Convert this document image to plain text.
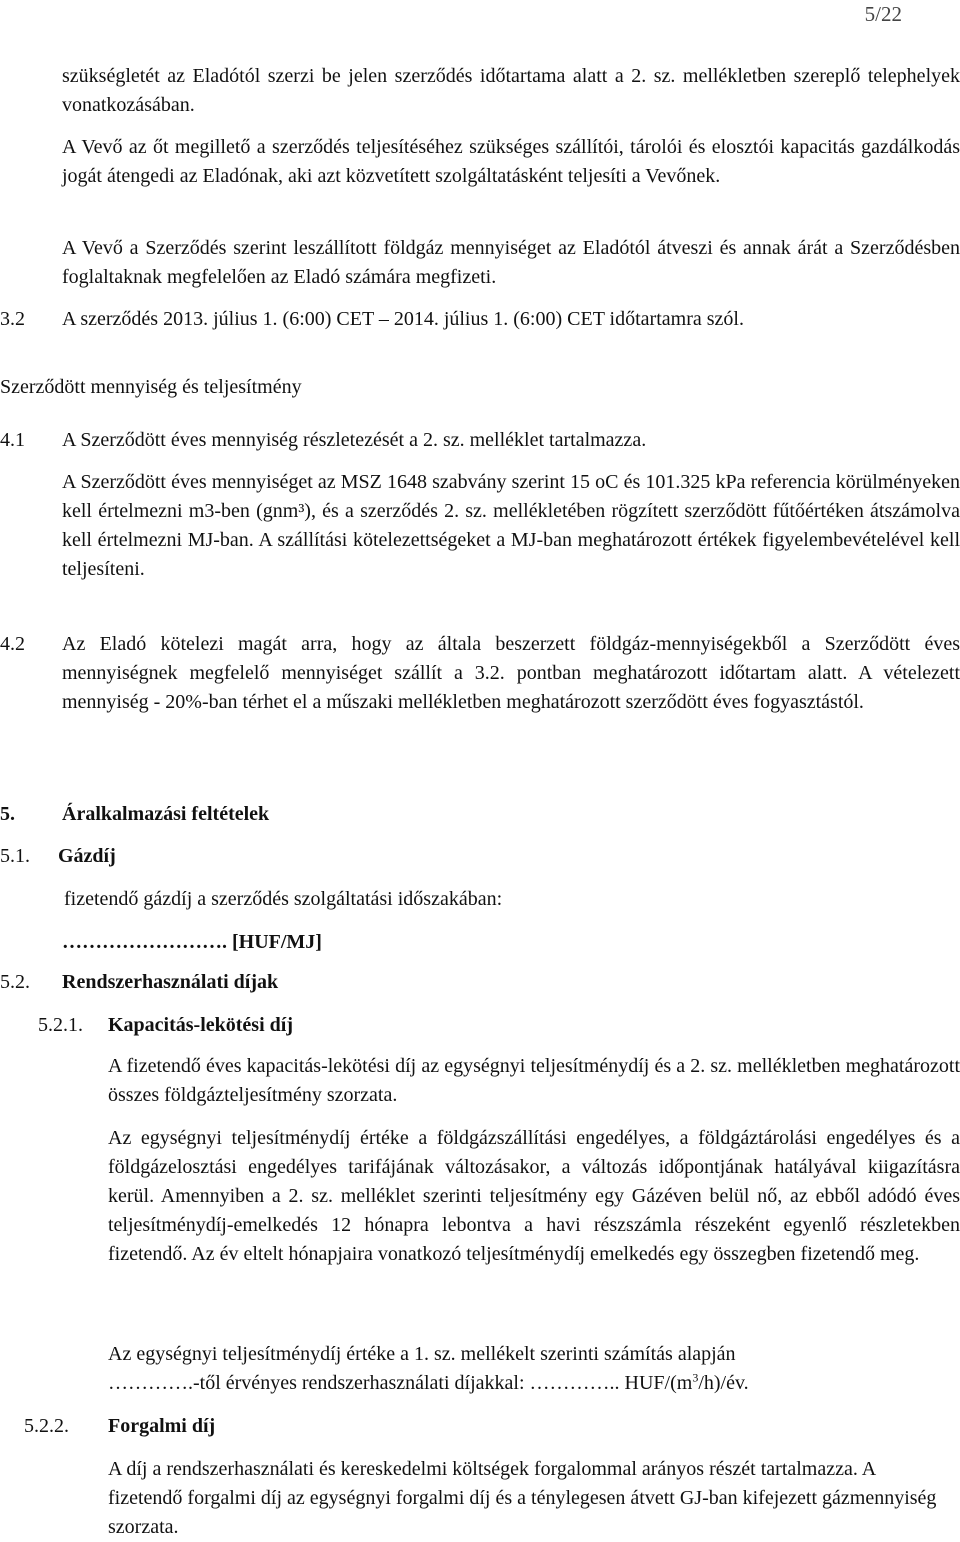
5/22

szükségletét az Eladótól szerzi be jelen szerződés időtartama alatt a 2. sz. mellékletben szereplő telephelyek vonatkozásában.

A Vevő az őt megillető a szerződés teljesítéséhez szükséges szállítói, tárolói és elosztói kapacitás gazdálkodás jogát átengedi az Eladónak, aki azt közvetített szolgáltatásként teljesíti a Vevőnek.

A Vevő a Szerződés szerint leszállított földgáz mennyiséget az Eladótól átveszi és annak árát a Szerződésben foglaltaknak megfelelően az Eladó számára megfizeti.

3.2 A szerződés 2013. július 1. (6:00) CET – 2014. július 1. (6:00) CET időtartamra szól.
Szerződött mennyiség és teljesítmény
4.1 A Szerződött éves mennyiség részletezését a 2. sz. melléklet tartalmazza.

A Szerződött éves mennyiséget az MSZ 1648 szabvány szerint 15 oC és 101.325 kPa referencia körülményeken kell értelmezni m3-ben (gnm³), és a szerződés 2. sz. mellékletében rögzített szerződött fűtőértéken átszámolva kell értelmezni MJ-ban. A szállítási kötelezettségeket a MJ-ban meghatározott értékek figyelembevételével kell teljesíteni.

4.2 Az Eladó kötelezi magát arra, hogy az általa beszerzett földgáz-mennyiségekből a Szerződött éves mennyiségnek megfelelő mennyiséget szállít a 3.2. pontban meghatározott időtartam alatt. A vételezett mennyiség - 20%-ban térhet el a műszaki mellékletben meghatározott szerződött éves fogyasztástól.

5. Áralkalmazási feltételek
5.1. Gázdíj
fizetendő gázdíj a szerződés szolgáltatási időszakában:
……………………. [HUF/MJ]
5.2. Rendszerhasználati díjak
5.2.1. Kapacitás-lekötési díj

A fizetendő éves kapacitás-lekötési díj az egységnyi teljesítménydíj és a 2. sz. mellékletben meghatározott összes földgázteljesítmény szorzata.

Az egységnyi teljesítménydíj értéke a földgázszállítási engedélyes, a földgáztárolási engedélyes és a földgázelosztási engedélyes tarifájának változásakor, a változás időpontjának hatályával kiigazításra kerül. Amennyiben a 2. sz. melléklet szerinti teljesítmény egy Gázéven belül nő, az ebből adódó éves teljesítménydíj-emelkedés 12 hónapra lebontva a havi részszámla részeként egyenlő részletekben fizetendő. Az év eltelt hónapjaira vonatkozó teljesítménydíj emelkedés egy összegben fizetendő meg.

Az egységnyi teljesítménydíj értéke a 1. sz. mellékelt szerinti számítás alapján

………….-től érvényes rendszerhasználati díjakkal: ………….. HUF/$(m^3/h)/év$.

5.2.2. Forgalmi díj

A díj a rendszerhasználati és kereskedelmi költségek forgalommal arányos részét tartalmazza. A fizetendő forgalmi díj az egységnyi forgalmi díj és a ténylegesen átvett GJ-ban kifejezett gázmennyiség szorzata.
